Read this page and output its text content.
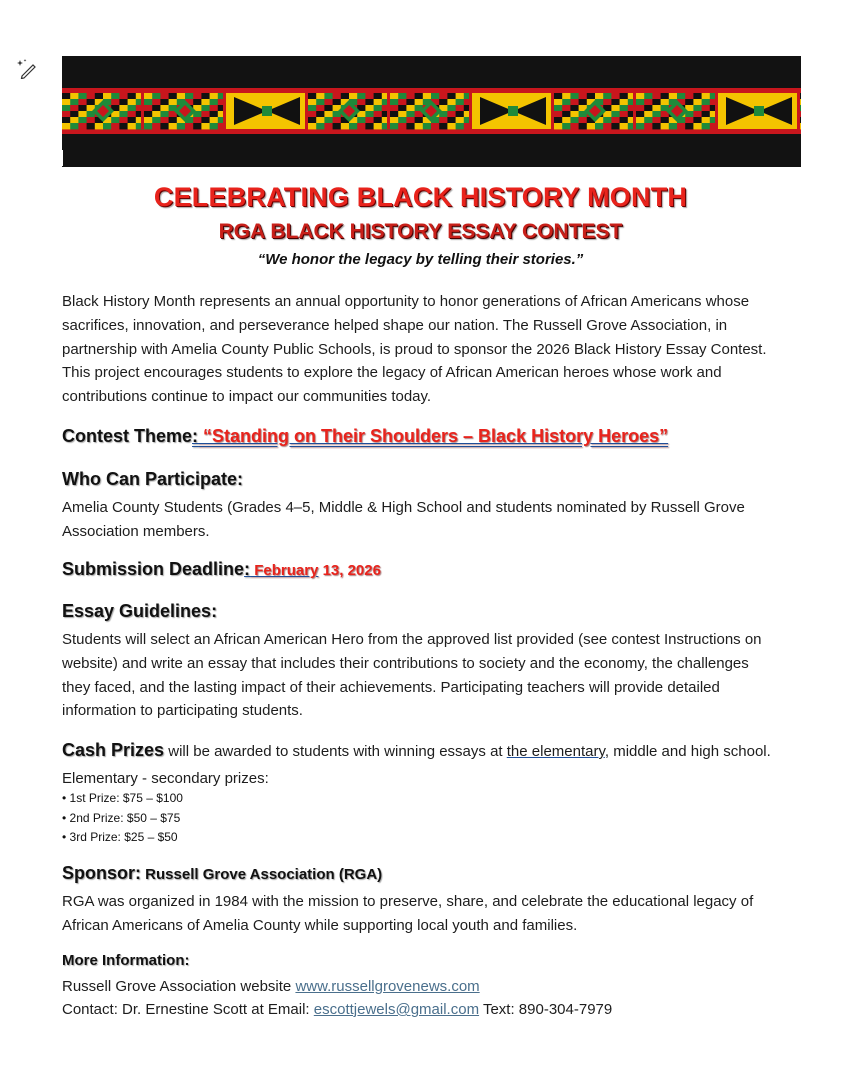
CELEBRATING BLACK HISTORY MONTH
RGA BLACK HISTORY ESSAY CONTEST
“We honor the legacy by telling their stories.”
Black History Month represents an annual opportunity to honor generations of African Americans whose sacrifices, innovation, and perseverance helped shape our nation. The Russell Grove Association, in partnership with Amelia County Public Schools, is proud to sponsor the 2026 Black History Essay Contest. This project encourages students to explore the legacy of African American heroes whose work and contributions continue to impact our communities today.
Contest Theme: “Standing on Their Shoulders – Black History Heroes”
Who Can Participate:
Amelia County Students (Grades 4–5, Middle & High School and students nominated by Russell Grove Association members.
Submission Deadline: February 13, 2026
Essay Guidelines:
Students will select an African American Hero from the approved list provided (see contest Instructions on website) and write an essay that includes their contributions to society and the economy, the challenges they faced, and the lasting impact of their achievements. Participating teachers will provide detailed information to participating students.
Cash Prizes will be awarded to students with winning essays at the elementary, middle and high school. Elementary - secondary prizes:
• 1st Prize: $75 – $100
• 2nd Prize: $50 – $75
• 3rd Prize: $25 – $50
Sponsor: Russell Grove Association (RGA)
RGA was organized in 1984 with the mission to preserve, share, and celebrate the educational legacy of African Americans of Amelia County while supporting local youth and families.
More Information:
Russell Grove Association website www.russellgrovenews.com
Contact: Dr. Ernestine Scott at Email: escottjewels@gmail.com Text: 890-304-7979
